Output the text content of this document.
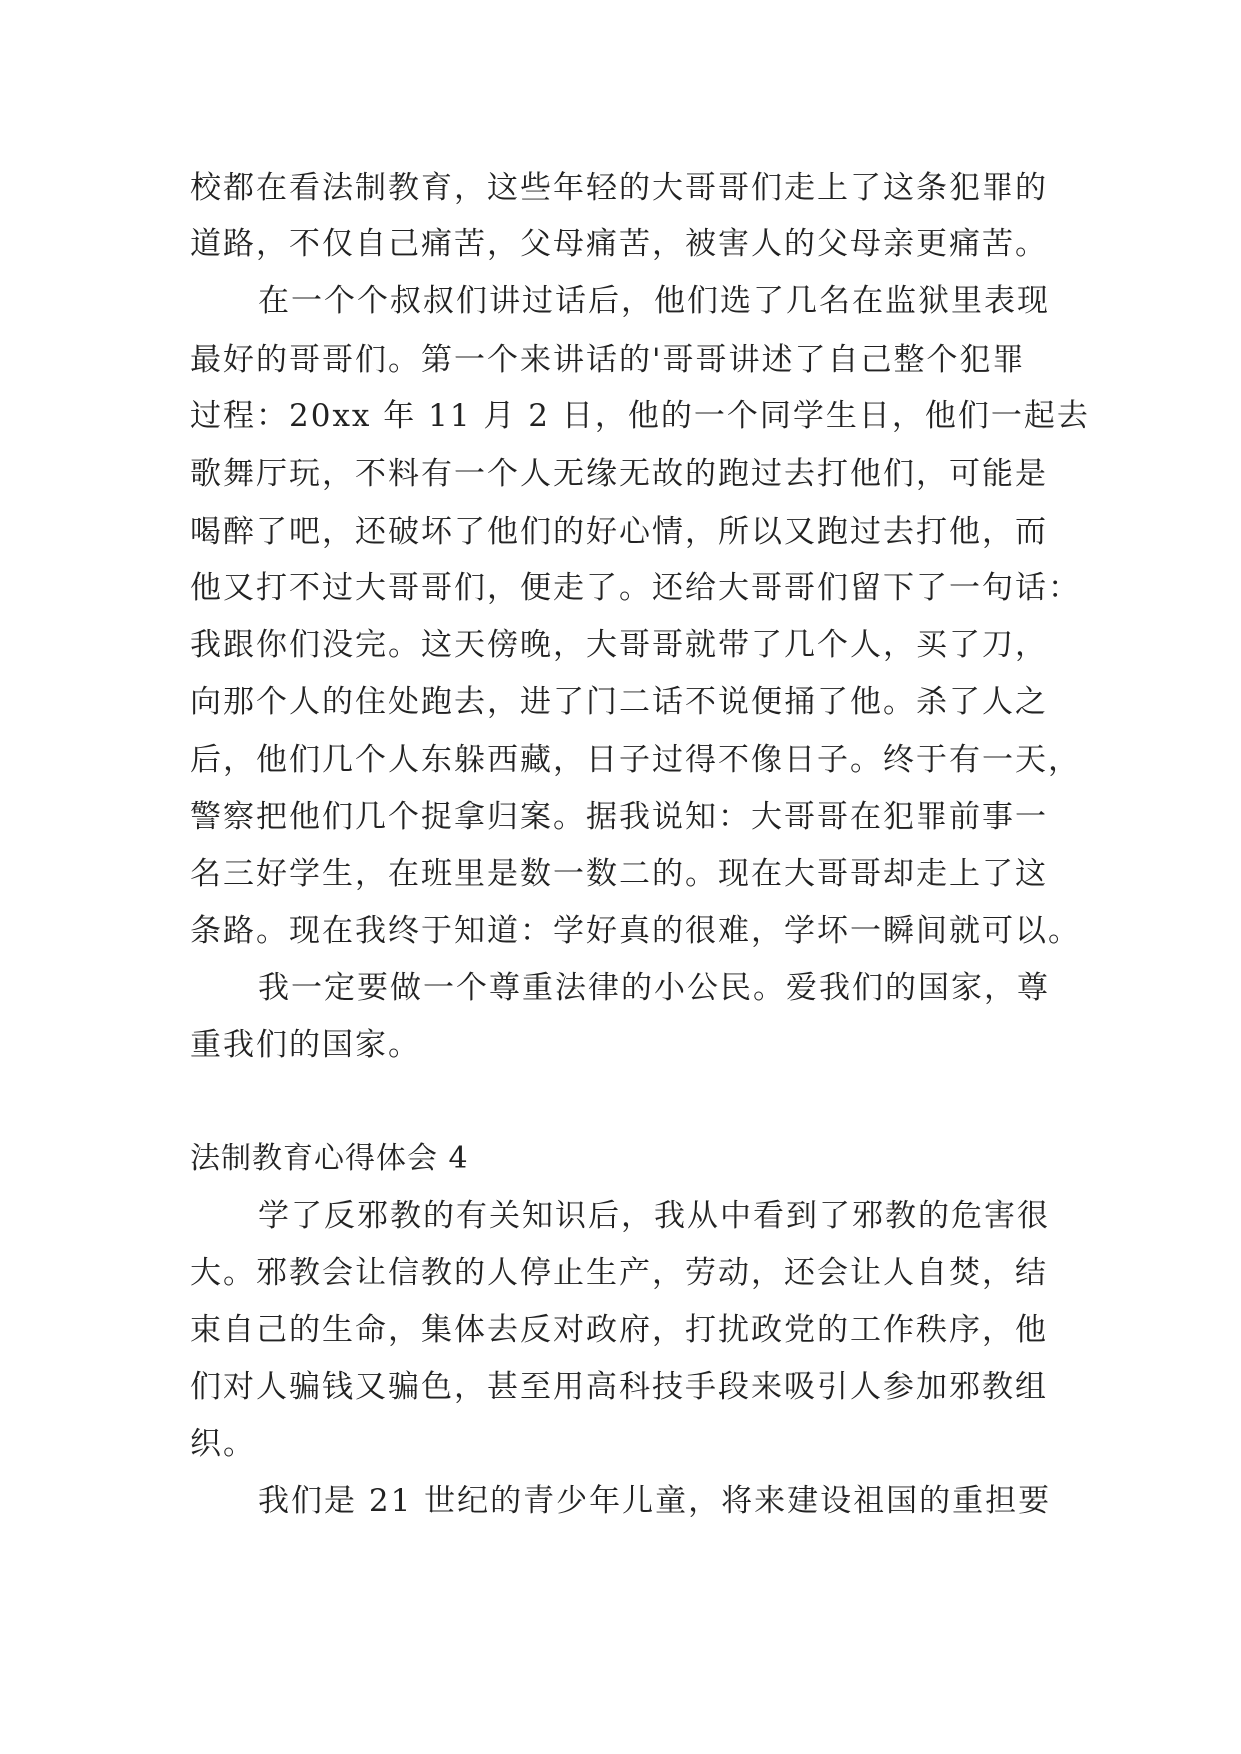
校都在看法制教育，这些年轻的大哥哥们走上了这条犯罪的
道路，不仅自己痛苦，父母痛苦，被害人的父母亲更痛苦。
在一个个叔叔们讲过话后，他们选了几名在监狱里表现
最好的哥哥们。第一个来讲话的'哥哥讲述了自己整个犯罪
过程：20xx 年 11 月 2 日，他的一个同学生日，他们一起去
歌舞厅玩，不料有一个人无缘无故的跑过去打他们，可能是
喝醉了吧，还破坏了他们的好心情，所以又跑过去打他，而
他又打不过大哥哥们，便走了。还给大哥哥们留下了一句话：
我跟你们没完。这天傍晚，大哥哥就带了几个人，买了刀，
向那个人的住处跑去，进了门二话不说便捅了他。杀了人之
后，他们几个人东躲西藏，日子过得不像日子。终于有一天，
警察把他们几个捉拿归案。据我说知：大哥哥在犯罪前事一
名三好学生，在班里是数一数二的。现在大哥哥却走上了这
条路。现在我终于知道：学好真的很难，学坏一瞬间就可以。
我一定要做一个尊重法律的小公民。爱我们的国家，尊
重我们的国家。
法制教育心得体会 4
学了反邪教的有关知识后，我从中看到了邪教的危害很
大。邪教会让信教的人停止生产，劳动，还会让人自焚，结
束自己的生命，集体去反对政府，打扰政党的工作秩序，他
们对人骗钱又骗色，甚至用高科技手段来吸引人参加邪教组
织。
我们是 21 世纪的青少年儿童，将来建设祖国的重担要
